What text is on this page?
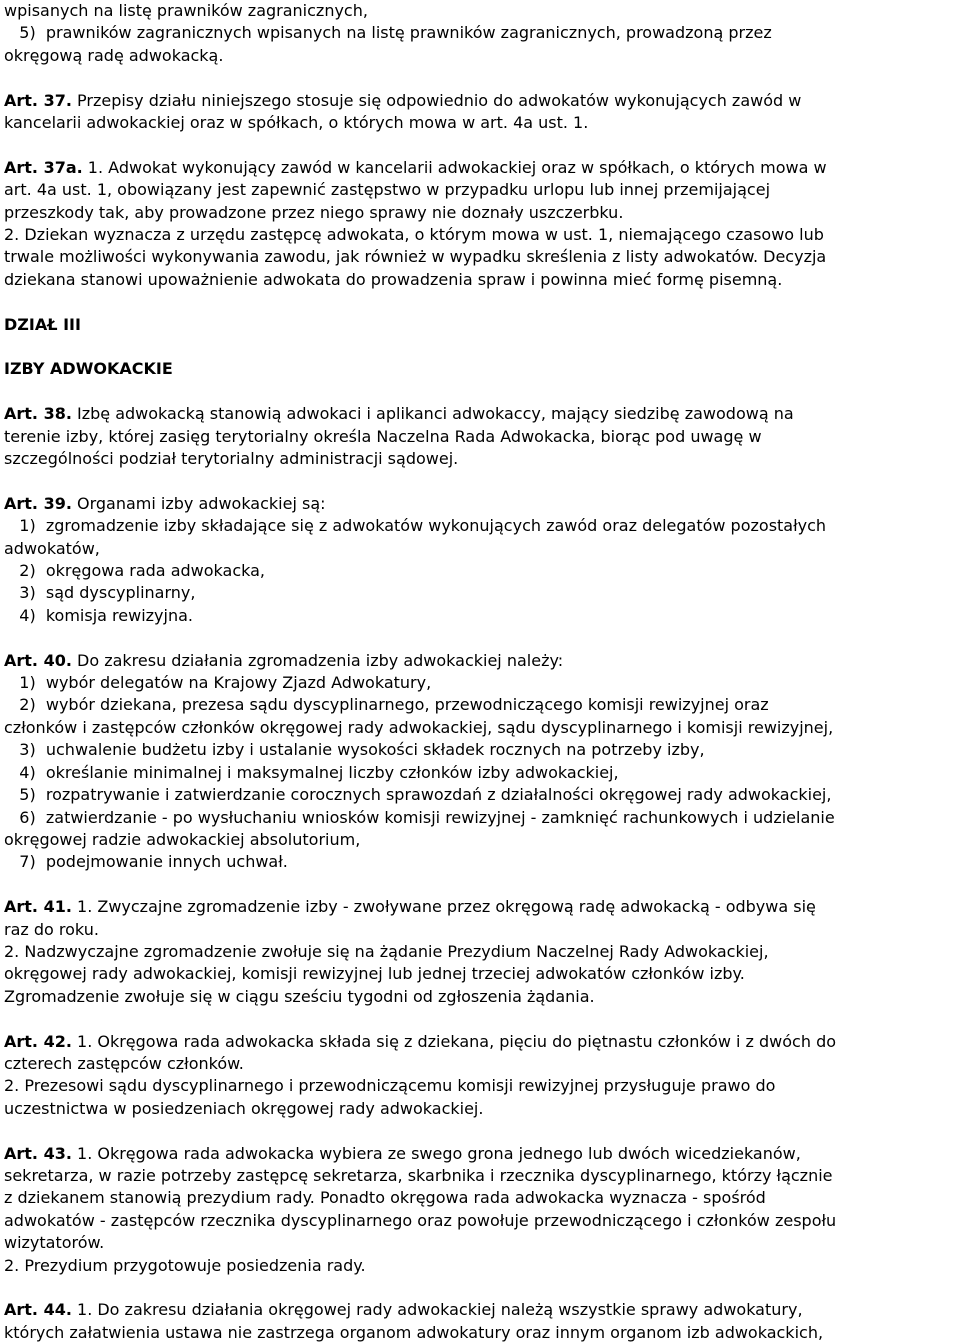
wpisanych na listę prawników zagranicznych,

5)  prawników zagranicznych wpisanych na listę prawników zagranicznych, prowadzoną przez

okręgową radę adwokacką.

Art. 37. Przepisy działu niniejszego stosuje się odpowiednio do adwokatów wykonujących zawód w

kancelarii adwokackiej oraz w spółkach, o których mowa w art. 4a ust. 1.

Art. 37a. 1. Adwokat wykonujący zawód w kancelarii adwokackiej oraz w spółkach, o których mowa w

art. 4a ust. 1, obowiązany jest zapewnić zastępstwo w przypadku urlopu lub innej przemijającej

przeszkody tak, aby prowadzone przez niego sprawy nie doznały uszczerbku.

2. Dziekan wyznacza z urzędu zastępcę adwokata, o którym mowa w ust. 1, niemającego czasowo lub

trwale możliwości wykonywania zawodu, jak również w wypadku skreślenia z listy adwokatów. Decyzja

dziekana stanowi upoważnienie adwokata do prowadzenia spraw i powinna mieć formę pisemną.

DZIAŁ III

IZBY ADWOKACKIE

Art. 38. Izbę adwokacką stanowią adwokaci i aplikanci adwokaccy, mający siedzibę zawodową na

terenie izby, której zasięg terytorialny określa Naczelna Rada Adwokacka, biorąc pod uwagę w

szczególności podział terytorialny administracji sądowej.

Art. 39. Organami izby adwokackiej są:

1)  zgromadzenie izby składające się z adwokatów wykonujących zawód oraz delegatów pozostałych

adwokatów,

2)  okręgowa rada adwokacka,

3)  sąd dyscyplinarny,

4)  komisja rewizyjna.

Art. 40. Do zakresu działania zgromadzenia izby adwokackiej należy:

1)  wybór delegatów na Krajowy Zjazd Adwokatury,

2)  wybór dziekana, prezesa sądu dyscyplinarnego, przewodniczącego komisji rewizyjnej oraz

członków i zastępców członków okręgowej rady adwokackiej, sądu dyscyplinarnego i komisji rewizyjnej,

3)  uchwalenie budżetu izby i ustalanie wysokości składek rocznych na potrzeby izby,

4)  określanie minimalnej i maksymalnej liczby członków izby adwokackiej,

5)  rozpatrywanie i zatwierdzanie corocznych sprawozdań z działalności okręgowej rady adwokackiej,

6)  zatwierdzanie - po wysłuchaniu wniosków komisji rewizyjnej - zamknięć rachunkowych i udzielanie

okręgowej radzie adwokackiej absolutorium,

7)  podejmowanie innych uchwał.

Art. 41. 1. Zwyczajne zgromadzenie izby - zwoływane przez okręgową radę adwokacką - odbywa się

raz do roku.

2. Nadzwyczajne zgromadzenie zwołuje się na żądanie Prezydium Naczelnej Rady Adwokackiej,

okręgowej rady adwokackiej, komisji rewizyjnej lub jednej trzeciej adwokatów członków izby.

Zgromadzenie zwołuje się w ciągu sześciu tygodni od zgłoszenia żądania.

Art. 42. 1. Okręgowa rada adwokacka składa się z dziekana, pięciu do piętnastu członków i z dwóch do

czterech zastępców członków.

2. Prezesowi sądu dyscyplinarnego i przewodniczącemu komisji rewizyjnej przysługuje prawo do

uczestnictwa w posiedzeniach okręgowej rady adwokackiej.

Art. 43. 1. Okręgowa rada adwokacka wybiera ze swego grona jednego lub dwóch wicedziekanów,

sekretarza, w razie potrzeby zastępcę sekretarza, skarbnika i rzecznika dyscyplinarnego, którzy łącznie

z dziekanem stanowią prezydium rady. Ponadto okręgowa rada adwokacka wyznacza - spośród

adwokatów - zastępców rzecznika dyscyplinarnego oraz powołuje przewodniczącego i członków zespołu

wizytatorów.

2. Prezydium przygotowuje posiedzenia rady.

Art. 44. 1. Do zakresu działania okręgowej rady adwokackiej należą wszystkie sprawy adwokatury,

których załatwienia ustawa nie zastrzega organom adwokatury oraz innym organom izb adwokackich,
